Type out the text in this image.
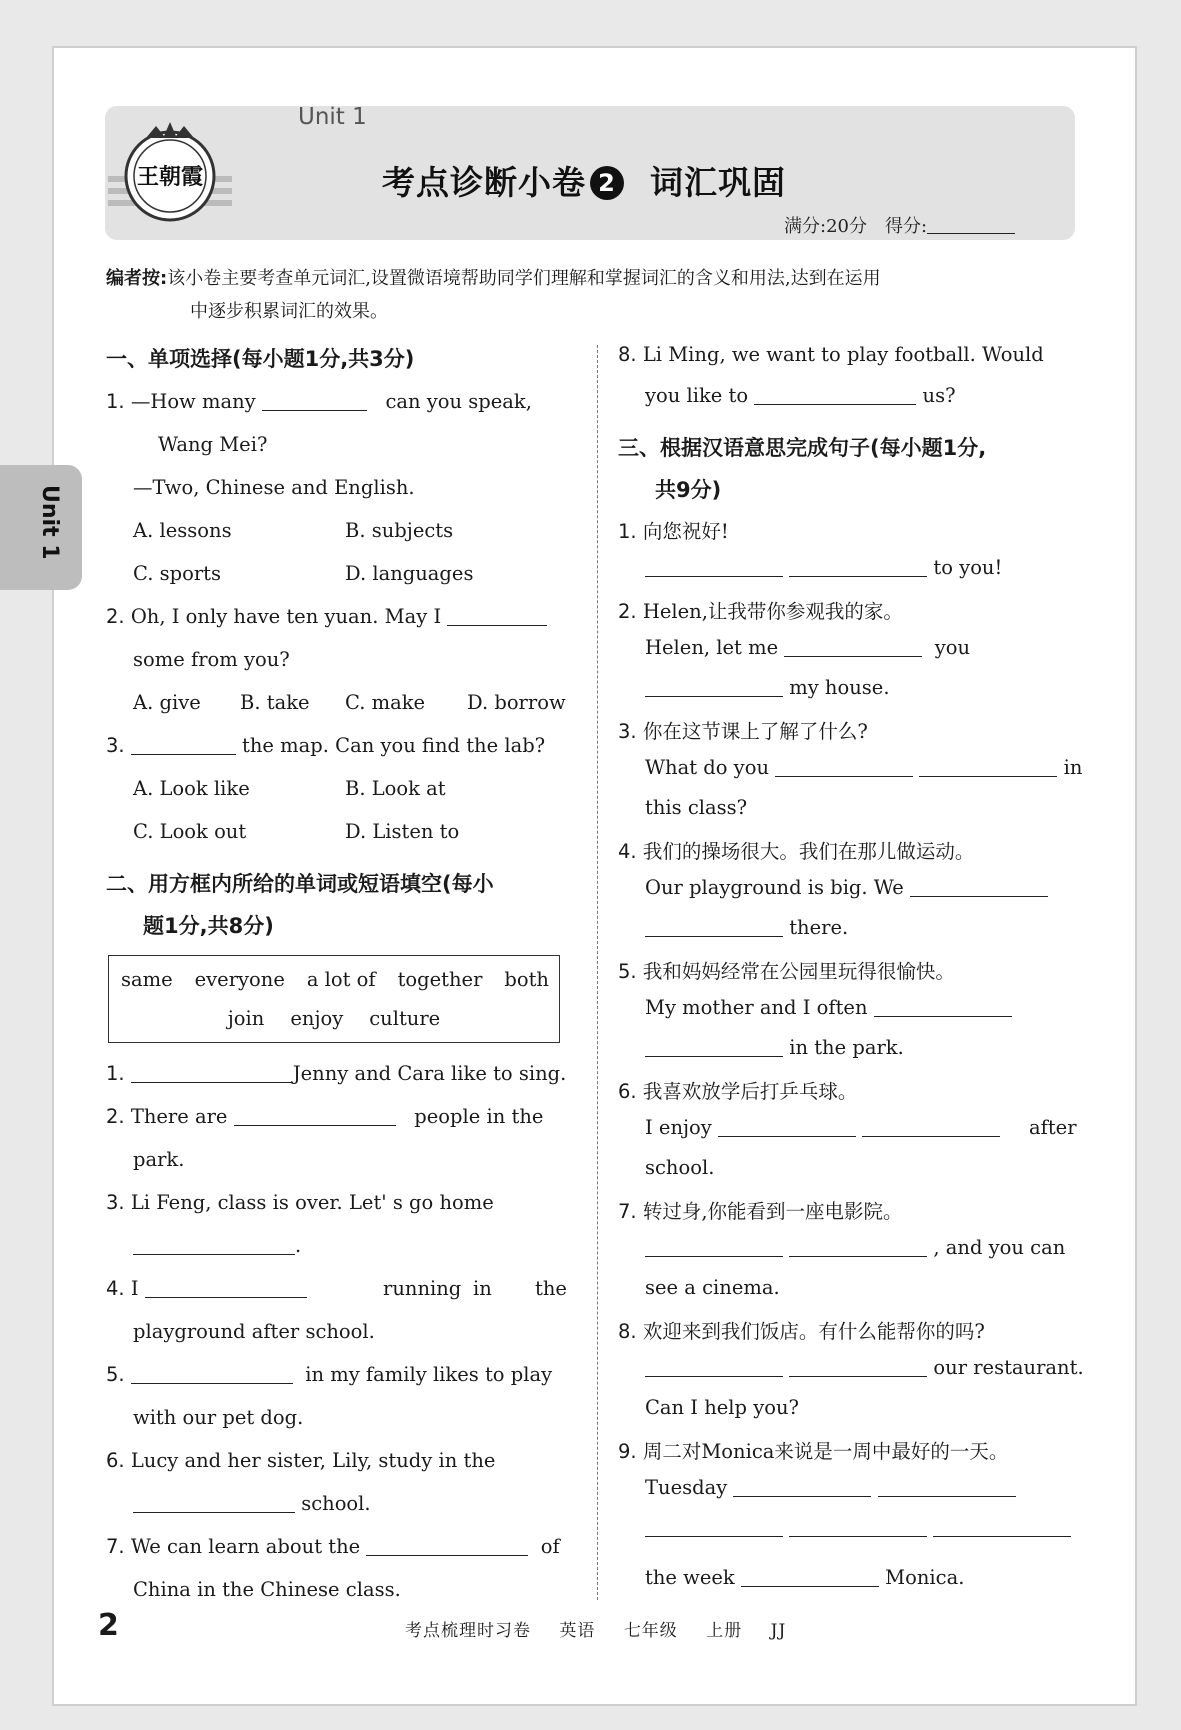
Unit 1
王朝霞
Unit 1
考点诊断小卷 2 词汇巩固
满分:20分　得分:
编者按:该小卷主要考查单元词汇,设置微语境帮助同学们理解和掌握词汇的含义和用法,达到在运用
中逐步积累词汇的效果。
一、单项选择(每小题1分,共3分)
1. —How many	can you speak,
Wang Mei?
—Two, Chinese and English.
A. lessons	B. subjects
C. sports	D. languages
2. Oh, I only have ten yuan. May I
some from you?
A. give B. take C. make D. borrow
3.	the map. Can you find the lab?
A. Look like	B. Look at
C. Look out	D. Listen to
二、用方框内所给的单词或短语填空(每小
题1分,共8分)
same everyone a lot of together both
join enjoy culture
1.	Jenny and Cara like to sing.
2. There are	people in the
park.
3. Li Feng, class is over. Let' s go home
.
4. I	running in the
playground after school.
5.	in my family likes to play
with our pet dog.
6. Lucy and her sister, Lily, study in the
school.
7. We can learn about the	of
China in the Chinese class.
8. Li Ming, we want to play football. Would
you like to	us?
三、根据汉语意思完成句子(每小题1分,
共9分)
1. 向您祝好!
to you!
2. Helen,让我带你参观我的家。
Helen, let me	you
my house.
3. 你在这节课上了解了什么?
What do you	in
this class?
4. 我们的操场很大。我们在那儿做运动。
Our playground is big. We
there.
5. 我和妈妈经常在公园里玩得很愉快。
My mother and I often
in the park.
6. 我喜欢放学后打乒乓球。
I enjoy	after
school.
7. 转过身,你能看到一座电影院。
, and you can
see a cinema.
8. 欢迎来到我们饭店。有什么能帮你的吗?
our restaurant.
Can I help you?
9. 周二对Monica来说是一周中最好的一天。
Tuesday

the week	Monica.
2	考点梳理时习卷 英语 七年级 上册 JJ
